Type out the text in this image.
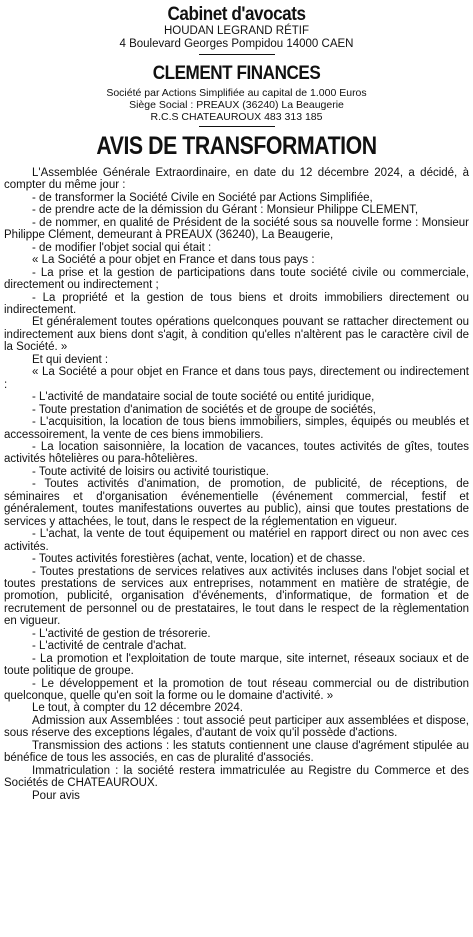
Cabinet d'avocats
HOUDAN LEGRAND RÉTIF
4 Boulevard Georges Pompidou 14000 CAEN
CLEMENT FINANCES
Société par Actions Simplifiée au capital de 1.000 Euros
Siège Social : PREAUX (36240) La Beaugerie
R.C.S CHATEAUROUX 483 313 185
AVIS DE TRANSFORMATION

L'Assemblée Générale Extraordinaire, en date du 12 décembre 2024, a décidé, à compter du même jour :

- de transformer la Société Civile en Société par Actions Simplifiée,

- de prendre acte de la démission du Gérant : Monsieur Philippe CLEMENT,

- de nommer, en qualité de Président de la société sous sa nouvelle forme : Monsieur Philippe Clément, demeurant à PREAUX (36240), La Beaugerie,

- de modifier l'objet social qui était :

« La Société a pour objet en France et dans tous pays :

- La prise et la gestion de participations dans toute société civile ou commerciale, directement ou indirectement ;

- La propriété et la gestion de tous biens et droits immobiliers directement ou indirectement.

Et généralement toutes opérations quelconques pouvant se rattacher directement ou indirectement aux biens dont s'agit, à condition qu'elles n'altèrent pas le caractère civil de la Société. »

Et qui devient :

« La Société a pour objet en France et dans tous pays, directement ou indirectement :

- L'activité de mandataire social de toute société ou entité juridique,

- Toute prestation d'animation de sociétés et de groupe de sociétés,

- L'acquisition, la location de tous biens immobiliers, simples, équipés ou meublés et accessoirement, la vente de ces biens immobiliers.

- La location saisonnière, la location de vacances, toutes activités de gîtes, toutes activités hôtelières ou para-hôtelières.

- Toute activité de loisirs ou activité touristique.

- Toutes activités d'animation, de promotion, de publicité, de réceptions, de séminaires et d'organisation événementielle (événement commercial, festif et généralement, toutes manifestations ouvertes au public), ainsi que toutes prestations de services y attachées, le tout, dans le respect de la réglementation en vigueur.

- L'achat, la vente de tout équipement ou matériel en rapport direct ou non avec ces activités.

- Toutes activités forestières (achat, vente, location) et de chasse.

- Toutes prestations de services relatives aux activités incluses dans l'objet social et toutes prestations de services aux entreprises, notamment en matière de stratégie, de promotion, publicité, organisation d'événements, d'informatique, de formation et de recrutement de personnel ou de prestataires, le tout dans le respect de la règlementation en vigueur.

- L'activité de gestion de trésorerie.

- L'activité de centrale d'achat.

- La promotion et l'exploitation de toute marque, site internet, réseaux sociaux et de toute politique de groupe.

- Le développement et la promotion de tout réseau commercial ou de distribution quelconque, quelle qu'en soit la forme ou le domaine d'activité. »

Le tout, à compter du 12 décembre 2024.

Admission aux Assemblées : tout associé peut participer aux assemblées et dispose, sous réserve des exceptions légales, d'autant de voix qu'il possède d'actions.

Transmission des actions : les statuts contiennent une clause d'agrément stipulée au bénéfice de tous les associés, en cas de pluralité d'associés.

Immatriculation : la société restera immatriculée au Registre du Commerce et des Sociétés de CHATEAUROUX.

Pour avis
